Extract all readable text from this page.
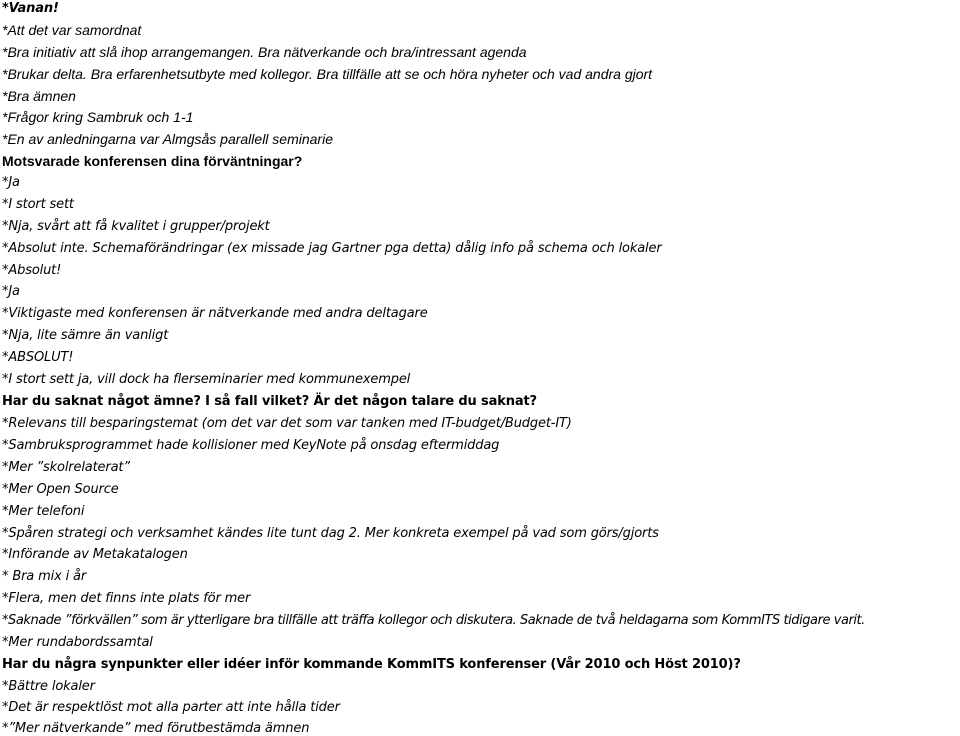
*Vanan!
*Att det var samordnat
*Bra initiativ att slå ihop arrangemangen. Bra nätverkande och bra/intressant agenda
*Brukar delta. Bra erfarenhetsutbyte med kollegor. Bra tillfälle att se och höra nyheter och vad andra gjort
*Bra ämnen
*Frågor kring Sambruk och 1-1
*En av anledningarna var Almgsås parallell seminarie
Motsvarade konferensen dina förväntningar?
*Ja
*I stort sett
*Nja, svårt att få kvalitet i grupper/projekt
*Absolut inte. Schemaförändringar (ex missade jag Gartner pga detta) dålig info på schema och lokaler
*Absolut!
*Ja
*Viktigaste med konferensen är nätverkande med andra deltagare
*Nja, lite sämre än vanligt
*ABSOLUT!
*I stort sett ja, vill dock ha flerseminarier med kommunexempel
Har du saknat något ämne? I så fall vilket? Är det någon talare du saknat?
*Relevans till besparingstemat (om det var det som var tanken med IT-budget/Budget-IT)
*Sambruksprogrammet hade kollisioner med KeyNote på onsdag eftermiddag
*Mer ”skolrelaterat”
*Mer Open Source
*Mer telefoni
*Spåren strategi och verksamhet kändes lite tunt dag 2. Mer konkreta exempel på vad som görs/gjorts
*Införande av Metakatalogen
* Bra mix i år
*Flera, men det finns inte plats för mer
*Saknade ”förkvällen” som är ytterligare bra tillfälle att träffa kollegor och diskutera. Saknade de två heldagarna som KommITS tidigare varit.
*Mer rundabordssamtal
Har du några synpunkter eller idéer inför kommande KommITS konferenser (Vår 2010 och Höst 2010)?
*Bättre lokaler
*Det är respektlöst mot alla parter att inte hålla tider
*”Mer nätverkande” med förutbestämda ämnen
